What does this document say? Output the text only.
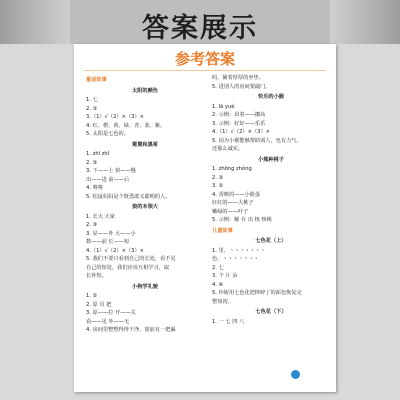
答案展示
参考答案
童话故事
太阳的颜色
1. 七
2. ③
3.（1）√（2）×（3）×
4. 红、橙、黄、绿、青、蓝、紫。
5. 太阳是七色的。
舅舅和黑哥
1. zhī zhǐ
2. ③
3. 下——上 快——慢
出——进 前——后
4. 咯咯
5. 松鼠妈妈是个既勇敢又聪明的人。
狼的本领大
1. 长大 大家
2. ③
3. 显——外 大——小
数——前 长——短
4.（1）√（2）×（3）×
5. 我们不要只看到自己的长处，看不见
自己的短处，我们应该互相学习，取
长补短。
小狗学礼貌
1. ②
2. 原 贝 把
3. 原——拉 开——关
看——见 外——无
4. 房间里整整得得干净，窗前有一把漏
吗，铺着厚厚的坐垫。
5. 进别人的房间要敲门。
快乐的小猴
1. lā yuè
2. 示例：昂着——挪高
3. 示例：好好——乐乐
4.（1）√（2）×（3）×
5. 因为小猴能够帮助别人，也有力气，
还那么诚实。
小熊种桃子
1. zhōng zhòng
2. ③
3. ②
4. 香喷的——小脸蛋
红红的——大桃子
嫩绿的——叶子
5. 示例：解 在 出 核 核桃
儿童故事
七色花（上）
1. 里、ヽヽヽヽヽヽヽ
色、ヽヽヽヽヽヽヽ
2. 七
3. 个 片 朵
4. ④
5. 珍妮用七色花把摔碎了的面包恢复完
整如初。
七色花（下）
1. 一 七 四 八
